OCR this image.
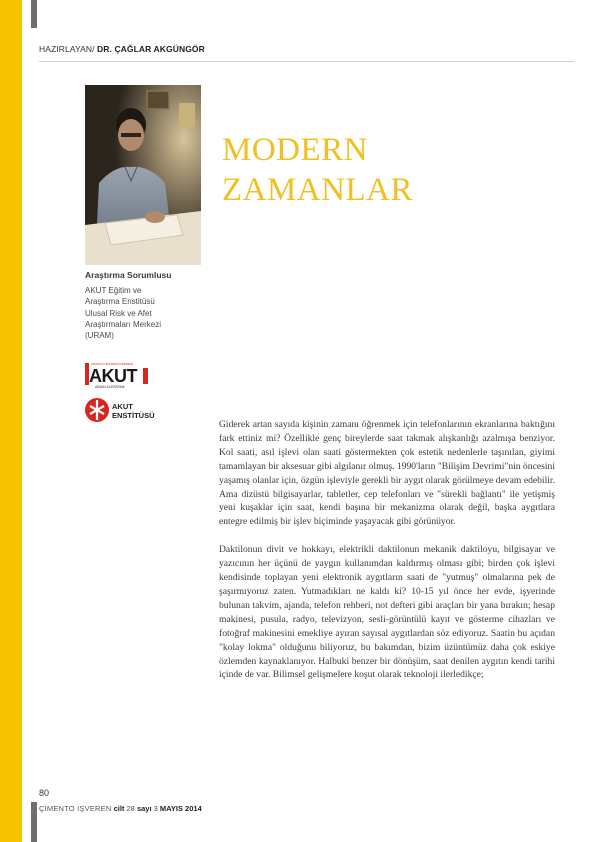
HAZIRLAYAN/ DR. ÇAĞLAR AKGÜNGÖR
Araştırma Sorumlusu
AKUT Eğitim ve
Araştırma Enstitüsü
Ulusal Risk ve Afet
Araştırmaları Merkezi
(URAM)
ARAMA KURTARMA DERNEĞİ
AKUT
ARAMA KURTARMA
AKUT
ENSTİTÜSÜ
MODERN
ZAMANLAR

Giderek artan sayıda kişinin zamanı öğrenmek için telefonlarının ekranlarına baktığını fark ettiniz mi? Özellikle genç bireylerde saat takmak alışkanlığı azalmışa benziyor. Kol saati, asıl işlevi olan saati göstermekten çok estetik nedenlerle taşınılan, giyimi tamamlayan bir aksesuar gibi algılanır olmuş. 1990'ların "Bilişim Devrimi"nin öncesini yaşamış olanlar için, özgün işleviyle gerekli bir aygıt olarak görülmeye devam edebilir. Ama dizüstü bilgisayarlar, tabletler, cep telefonları ve "sürekli bağlantı" ile yetişmiş yeni kuşaklar için saat, kendi başına bir mekanizma olarak değil, başka aygıtlara entegre edilmiş bir işlev biçiminde yaşayacak gibi görünüyor.

Daktilonun divit ve hokkayı, elektrikli daktilonun mekanik daktiloyu, bilgisayar ve yazıcının her üçünü de yaygın kullanımdan kaldırmış olması gibi; birden çok işlevi kendisinde toplayan yeni elektronik aygıtların saati de "yutmuş" olmalarına pek de şaşırmıyoruz zaten. Yutmadıkları ne kaldı ki? 10-15 yıl önce her evde, işyerinde bulunan takvim, ajanda, telefon rehberi, not defteri gibi araçları bir yana bırakın; hesap makinesi, pusula, radyo, televizyon, sesli-görüntülü kayıt ve gösterme cihazları ve fotoğraf makinesini emekliye ayıran sayısal aygıtlardan söz ediyoruz. Saatin bu açıdan "kolay lokma" olduğunu biliyoruz, bu bakımdan, bizim üzüntümüz daha çok eskiye özlemden kaynaklanıyor. Halbuki benzer bir dönüşüm, saat denilen aygıtın kendi tarihi içinde de var. Bilimsel gelişmelere koşut olarak teknoloji ilerledikçe;

80
ÇİMENTO İŞVEREN cilt 28 sayı 3 MAYIS 2014
